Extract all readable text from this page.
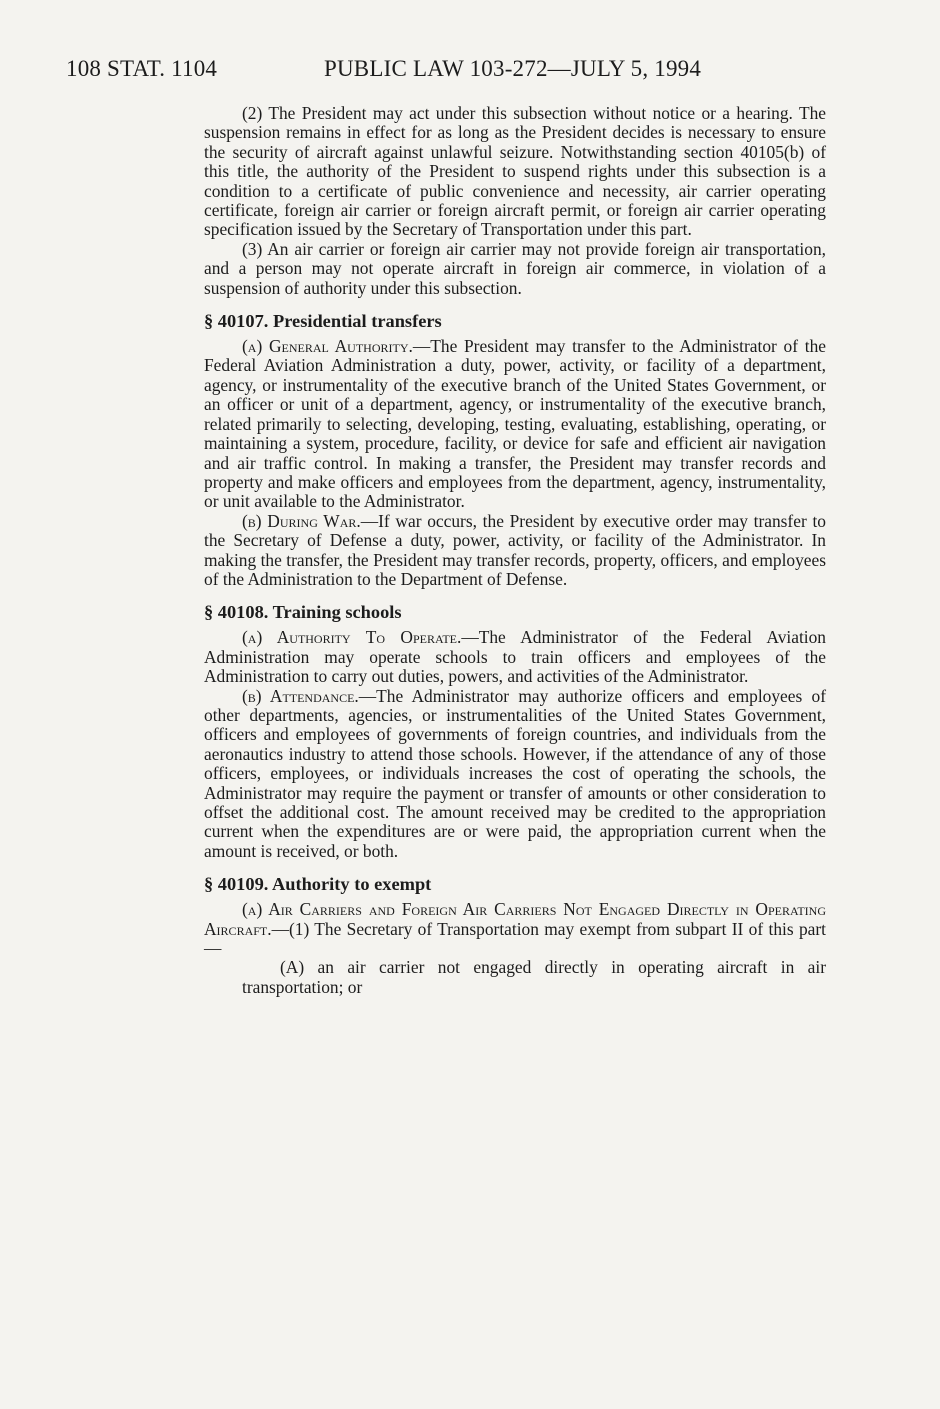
108 STAT. 1104	PUBLIC LAW 103-272—JULY 5, 1994

(2) The President may act under this subsection without notice or a hearing. The suspension remains in effect for as long as the President decides is necessary to ensure the security of aircraft against unlawful seizure. Notwithstanding section 40105(b) of this title, the authority of the President to suspend rights under this subsection is a condition to a certificate of public convenience and necessity, air carrier operating certificate, foreign air carrier or foreign aircraft permit, or foreign air carrier operating specification issued by the Secretary of Transportation under this part.

(3) An air carrier or foreign air carrier may not provide foreign air transportation, and a person may not operate aircraft in foreign air commerce, in violation of a suspension of authority under this subsection.

§ 40107. Presidential transfers

(a) General Authority.—The President may transfer to the Administrator of the Federal Aviation Administration a duty, power, activity, or facility of a department, agency, or instrumentality of the executive branch of the United States Government, or an officer or unit of a department, agency, or instrumentality of the executive branch, related primarily to selecting, developing, testing, evaluating, establishing, operating, or maintaining a system, procedure, facility, or device for safe and efficient air navigation and air traffic control. In making a transfer, the President may transfer records and property and make officers and employees from the department, agency, instrumentality, or unit available to the Administrator.

(b) During War.—If war occurs, the President by executive order may transfer to the Secretary of Defense a duty, power, activity, or facility of the Administrator. In making the transfer, the President may transfer records, property, officers, and employees of the Administration to the Department of Defense.

§ 40108. Training schools

(a) Authority To Operate.—The Administrator of the Federal Aviation Administration may operate schools to train officers and employees of the Administration to carry out duties, powers, and activities of the Administrator.

(b) Attendance.—The Administrator may authorize officers and employees of other departments, agencies, or instrumentalities of the United States Government, officers and employees of governments of foreign countries, and individuals from the aeronautics industry to attend those schools. However, if the attendance of any of those officers, employees, or individuals increases the cost of operating the schools, the Administrator may require the payment or transfer of amounts or other consideration to offset the additional cost. The amount received may be credited to the appropriation current when the expenditures are or were paid, the appropriation current when the amount is received, or both.

§ 40109. Authority to exempt

(a) Air Carriers and Foreign Air Carriers Not Engaged Directly in Operating Aircraft.—(1) The Secretary of Transportation may exempt from subpart II of this part—

(A) an air carrier not engaged directly in operating aircraft in air transportation; or
